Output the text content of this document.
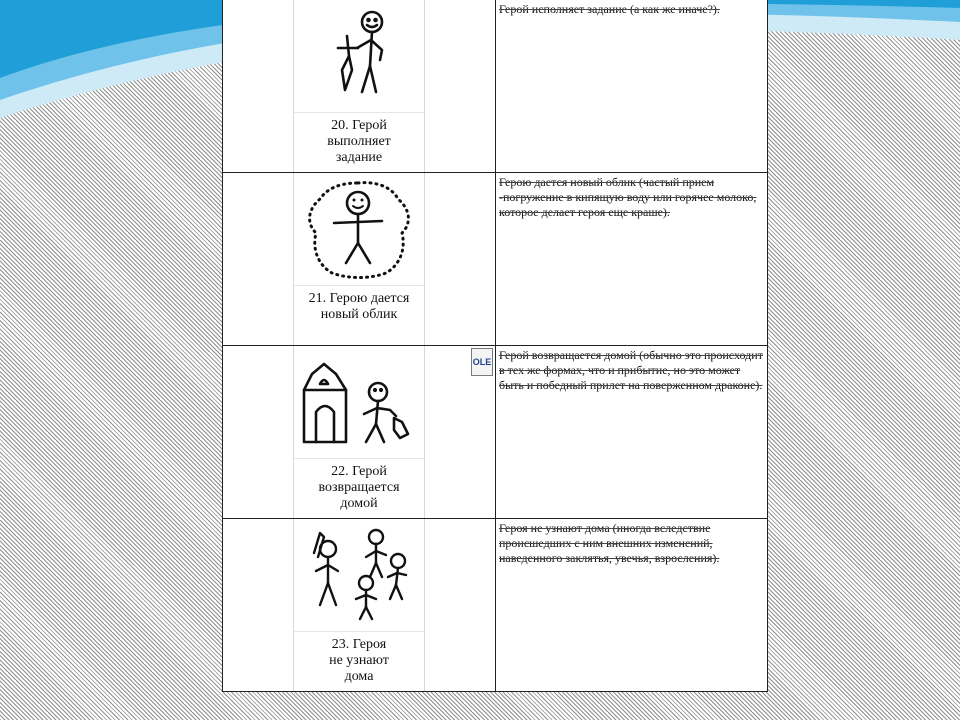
20. Герой
выполняет
задание
Герой исполняет задание (а как же иначе?).
21. Герою дается
новый облик
Герою дается новый облик (частый прием -погружение в кипящую воду или горячее молоко, которое делает героя еще краше).
22. Герой
возвращается
домой
OLE Герой возвращается домой (обычно это происходит в тех же формах, что и прибытие, но это может быть и победный прилет на поверженном драконе).
23. Героя
не узнают
дома
Героя не узнают дома (иногда вследствие происшедших с ним внешних изменений, наведенного заклятья, увечья, взросления).
